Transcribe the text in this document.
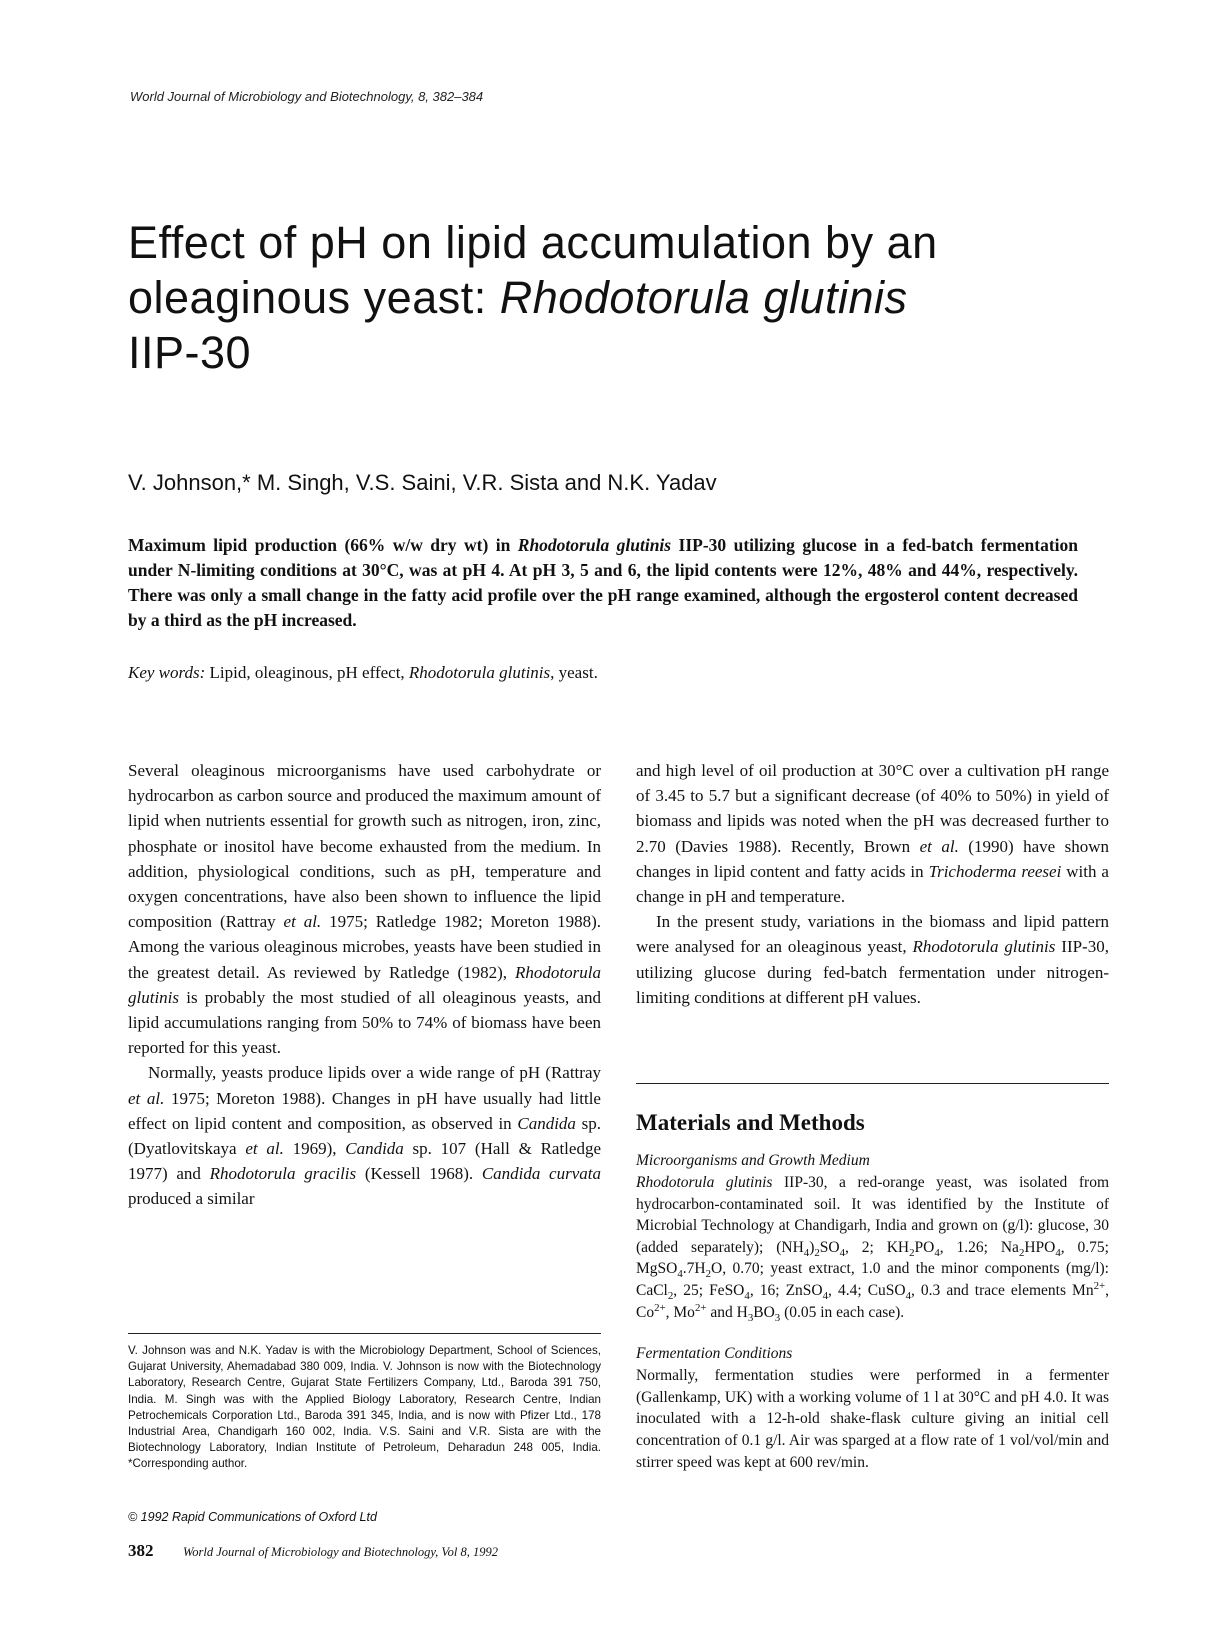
World Journal of Microbiology and Biotechnology, 8, 382–384
Effect of pH on lipid accumulation by an oleaginous yeast: Rhodotorula glutinis
IIP-30
V. Johnson,* M. Singh, V.S. Saini, V.R. Sista and N.K. Yadav
Maximum lipid production (66% w/w dry wt) in Rhodotorula glutinis IIP-30 utilizing glucose in a fed-batch fermentation under N-limiting conditions at 30°C, was at pH 4. At pH 3, 5 and 6, the lipid contents were 12%, 48% and 44%, respectively. There was only a small change in the fatty acid profile over the pH range examined, although the ergosterol content decreased by a third as the pH increased.
Key words: Lipid, oleaginous, pH effect, Rhodotorula glutinis, yeast.

Several oleaginous microorganisms have used carbohydrate or hydrocarbon as carbon source and produced the maximum amount of lipid when nutrients essential for growth such as nitrogen, iron, zinc, phosphate or inositol have become exhausted from the medium. In addition, physiological conditions, such as pH, temperature and oxygen concentrations, have also been shown to influence the lipid composition (Rattray et al. 1975; Ratledge 1982; Moreton 1988). Among the various oleaginous microbes, yeasts have been studied in the greatest detail. As reviewed by Ratledge (1982), Rhodotorula glutinis is probably the most studied of all oleaginous yeasts, and lipid accumulations ranging from 50% to 74% of biomass have been reported for this yeast.

Normally, yeasts produce lipids over a wide range of pH (Rattray et al. 1975; Moreton 1988). Changes in pH have usually had little effect on lipid content and composition, as observed in Candida sp. (Dyatlovitskaya et al. 1969), Candida sp. 107 (Hall & Ratledge 1977) and Rhodotorula gracilis (Kessell 1968). Candida curvata produced a similar

and high level of oil production at 30°C over a cultivation pH range of 3.45 to 5.7 but a significant decrease (of 40% to 50%) in yield of biomass and lipids was noted when the pH was decreased further to 2.70 (Davies 1988). Recently, Brown et al. (1990) have shown changes in lipid content and fatty acids in Trichoderma reesei with a change in pH and temperature.

In the present study, variations in the biomass and lipid pattern were analysed for an oleaginous yeast, Rhodotorula glutinis IIP-30, utilizing glucose during fed-batch fermentation under nitrogen-limiting conditions at different pH values.

Materials and Methods

Microorganisms and Growth Medium

Rhodotorula glutinis IIP-30, a red-orange yeast, was isolated from hydrocarbon-contaminated soil. It was identified by the Institute of Microbial Technology at Chandigarh, India and grown on (g/l): glucose, 30 (added separately); $(NH_4)_2SO_4$, 2; $KH_2PO_4$, 1.26; $Na_2HPO_4$, 0.75; $MgSO_4.7H_2O$, 0.70; yeast extract, 1.0 and the minor components (mg/l): CaCl$_2$, 25; FeSO$_4$, 16; ZnSO$_4$, 4.4; CuSO$_4$, 0.3 and trace elements $Mn^{2+}$, $Co^{2+}$, $Mo^{2+}$ and $H_3BO_3$ (0.05 in each case).

Fermentation Conditions

Normally, fermentation studies were performed in a fermenter (Gallenkamp, UK) with a working volume of 1 l at 30°C and pH 4.0. It was inoculated with a 12-h-old shake-flask culture giving an initial cell concentration of 0.1 g/l. Air was sparged at a flow rate of 1 vol/vol/min and stirrer speed was kept at 600 rev/min.

V. Johnson was and N.K. Yadav is with the Microbiology Department, School of Sciences, Gujarat University, Ahemadabad 380 009, India. V. Johnson is now with the Biotechnology Laboratory, Research Centre, Gujarat State Fertilizers Company, Ltd., Baroda 391 750, India. M. Singh was with the Applied Biology Laboratory, Research Centre, Indian Petrochemicals Corporation Ltd., Baroda 391 345, India, and is now with Pfizer Ltd., 178 Industrial Area, Chandigarh 160 002, India. V.S. Saini and V.R. Sista are with the Biotechnology Laboratory, Indian Institute of Petroleum, Deharadun 248 005, India. *Corresponding author.
© 1992 Rapid Communications of Oxford Ltd
382 World Journal of Microbiology and Biotechnology, Vol 8, 1992
